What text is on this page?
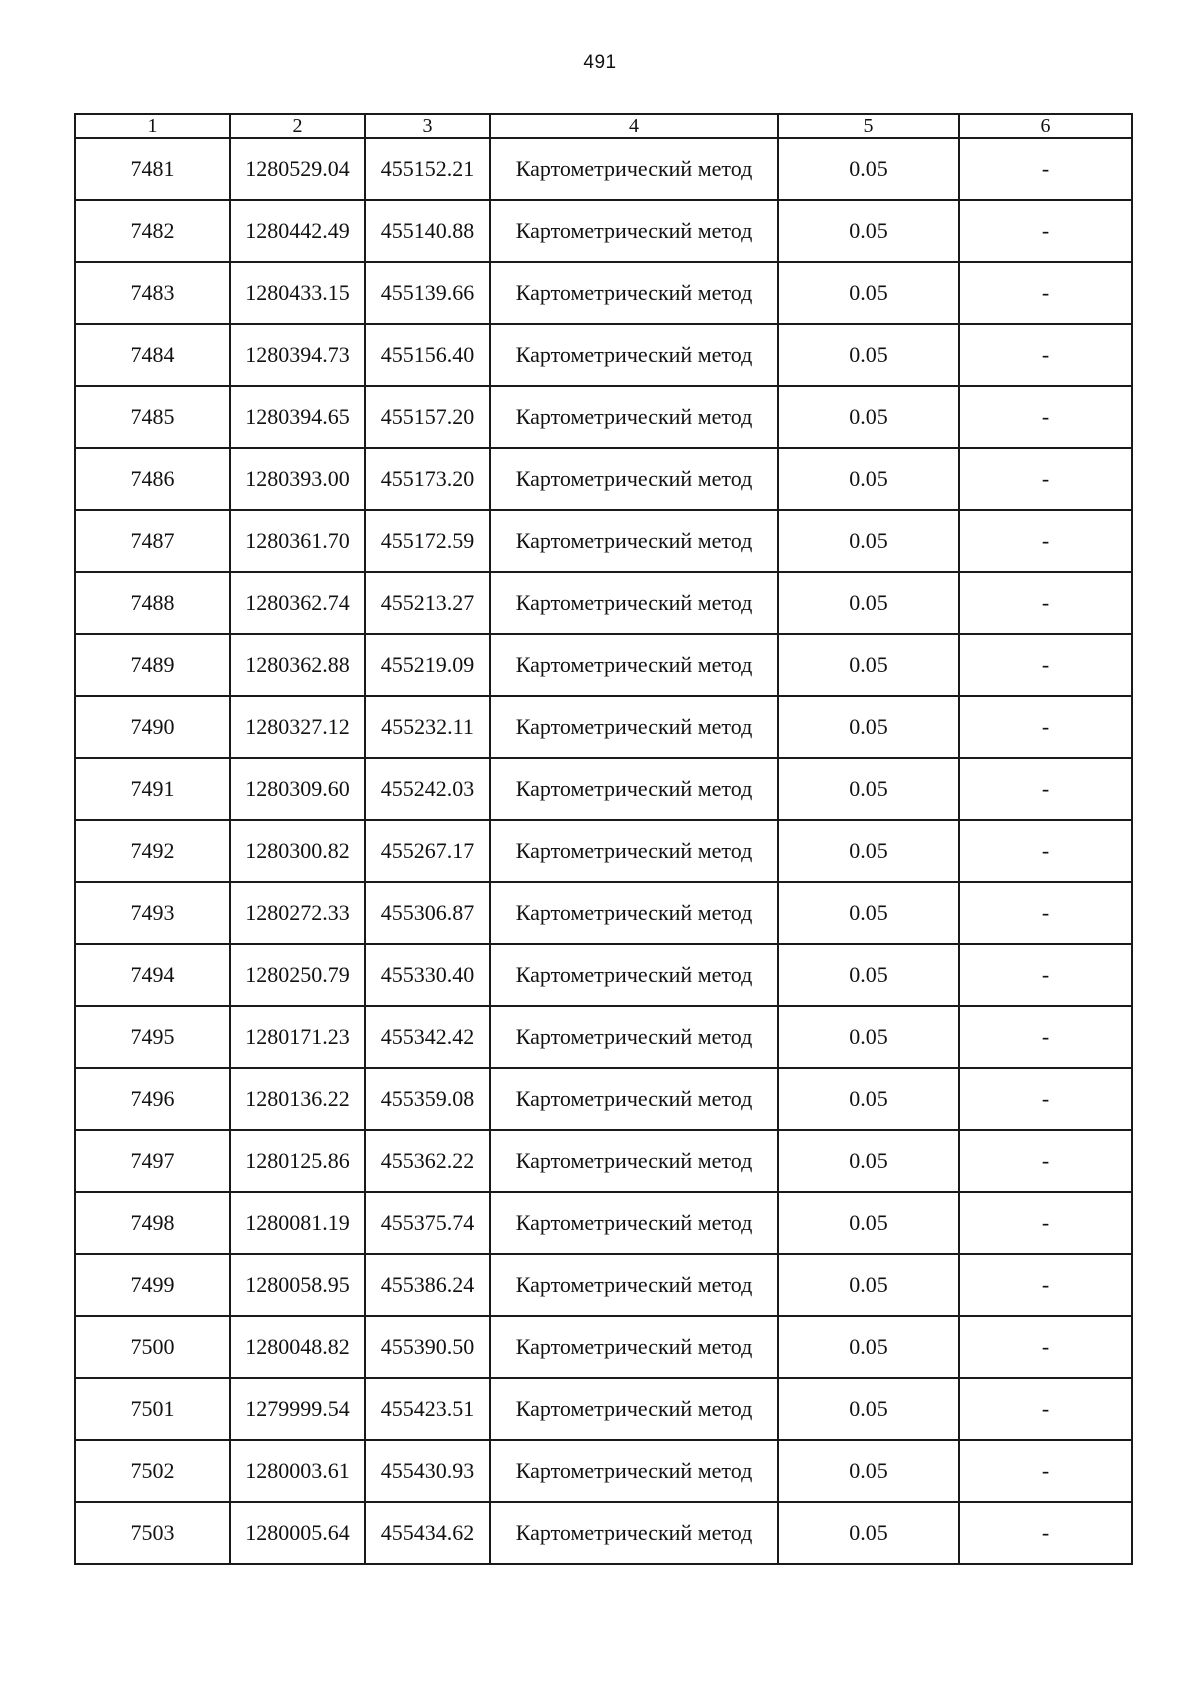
491
1	2	3	4	5	6
7481	1280529.04	455152.21	Картометрический метод	0.05	-
7482	1280442.49	455140.88	Картометрический метод	0.05	-
7483	1280433.15	455139.66	Картометрический метод	0.05	-
7484	1280394.73	455156.40	Картометрический метод	0.05	-
7485	1280394.65	455157.20	Картометрический метод	0.05	-
7486	1280393.00	455173.20	Картометрический метод	0.05	-
7487	1280361.70	455172.59	Картометрический метод	0.05	-
7488	1280362.74	455213.27	Картометрический метод	0.05	-
7489	1280362.88	455219.09	Картометрический метод	0.05	-
7490	1280327.12	455232.11	Картометрический метод	0.05	-
7491	1280309.60	455242.03	Картометрический метод	0.05	-
7492	1280300.82	455267.17	Картометрический метод	0.05	-
7493	1280272.33	455306.87	Картометрический метод	0.05	-
7494	1280250.79	455330.40	Картометрический метод	0.05	-
7495	1280171.23	455342.42	Картометрический метод	0.05	-
7496	1280136.22	455359.08	Картометрический метод	0.05	-
7497	1280125.86	455362.22	Картометрический метод	0.05	-
7498	1280081.19	455375.74	Картометрический метод	0.05	-
7499	1280058.95	455386.24	Картометрический метод	0.05	-
7500	1280048.82	455390.50	Картометрический метод	0.05	-
7501	1279999.54	455423.51	Картометрический метод	0.05	-
7502	1280003.61	455430.93	Картометрический метод	0.05	-
7503	1280005.64	455434.62	Картометрический метод	0.05	-
